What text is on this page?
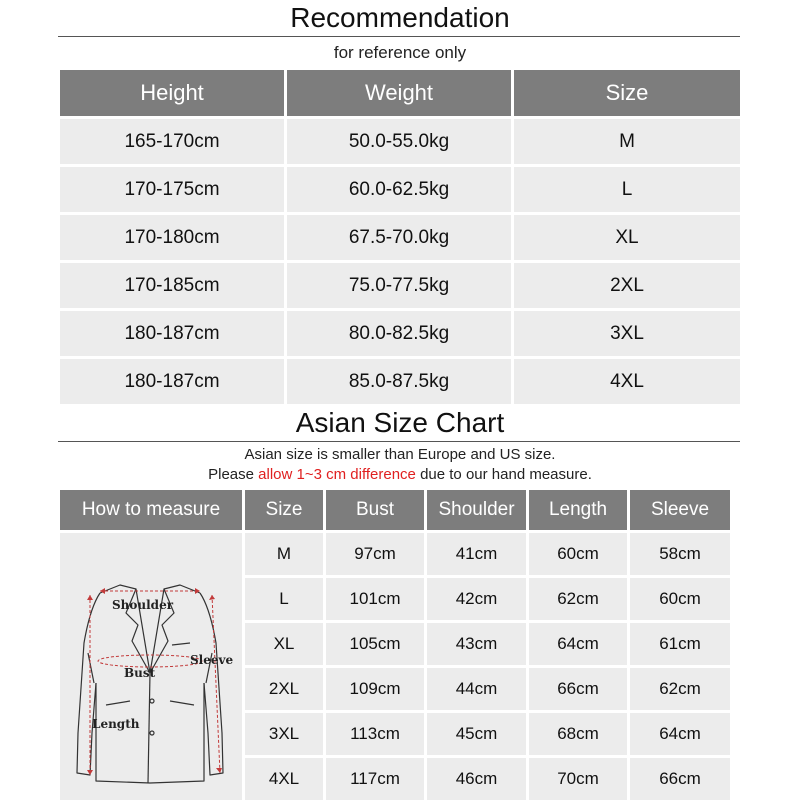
Recommendation
for reference only
Height	Weight	Size
165-170cm	50.0-55.0kg	M
170-175cm	60.0-62.5kg	L
170-180cm	67.5-70.0kg	XL
170-185cm	75.0-77.5kg	2XL
180-187cm	80.0-82.5kg	3XL
180-187cm	85.0-87.5kg	4XL
Asian Size Chart
Asian size is smaller than Europe and US size.
Please allow 1~3 cm difference due to our hand measure.
How to measure	Size	Bust	Shoulder	Length	Sleeve
Shoulder
Sleeve
Bust
Length
M	97cm	41cm	60cm	58cm
L	101cm	42cm	62cm	60cm
XL	105cm	43cm	64cm	61cm
2XL	109cm	44cm	66cm	62cm
3XL	113cm	45cm	68cm	64cm
4XL	117cm	46cm	70cm	66cm
